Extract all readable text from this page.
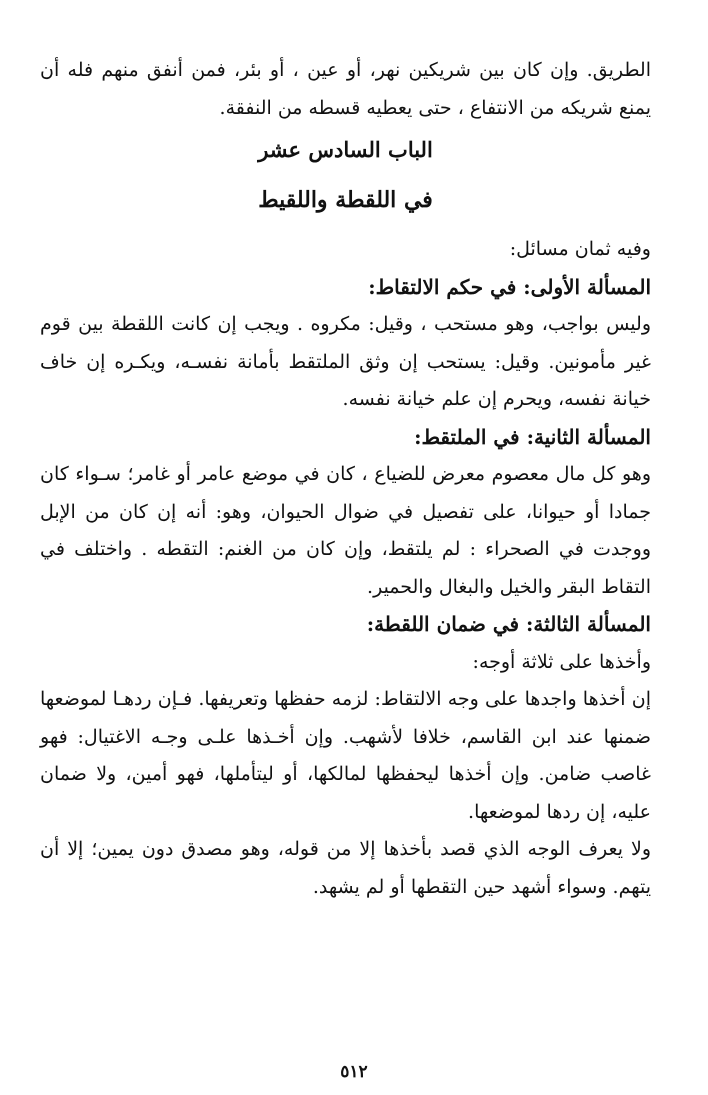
الطريق. وإن كان بين شريكين نهر، أو عين ، أو بئر، فمن أنفق منهم فله أن يمنع شريكه من الانتفاع ، حتى يعطيه قسطه من النفقة.

الباب السادس عشر

في اللقطة واللقيط

وفيه ثمان مسائل:

المسألة الأولى: في حكم الالتقاط:

وليس بواجب، وهو مستحب ، وقيل: مكروه . ويجب إن كانت اللقطة بين قوم غير مأمونين. وقيل: يستحب إن وثق الملتقط بأمانة نفسـه، ويكـره إن خاف خيانة نفسه، ويحرم إن علم خيانة نفسه.

المسألة الثانية: في الملتقط:

وهو كل مال معصوم معرض للضياع ، كان في موضع عامر أو غامر؛ سـواء كان جمادا أو حيوانا، على تفصيل في ضوال الحيوان، وهو: أنه إن كان من الإبل ووجدت في الصحراء : لم يلتقط، وإن كان من الغنم: التقطه . واختلف في التقاط البقر والخيل والبغال والحمير.

المسألة الثالثة: في ضمان اللقطة:

وأخذها على ثلاثة أوجه:

إن أخذها واجدها على وجه الالتقاط: لزمه حفظها وتعريفها. فـإن ردهـا لموضعها ضمنها عند ابن القاسم، خلافا لأشهب. وإن أخـذها علـى وجـه الاغتيال: فهو غاصب ضامن. وإن أخذها ليحفظها لمالكها، أو ليتأملها، فهو أمين، ولا ضمان عليه، إن ردها لموضعها.

ولا يعرف الوجه الذي قصد بأخذها إلا من قوله، وهو مصدق دون يمين؛ إلا أن يتهم. وسواء أشهد حين التقطها أو لم يشهد.

٥١٢
